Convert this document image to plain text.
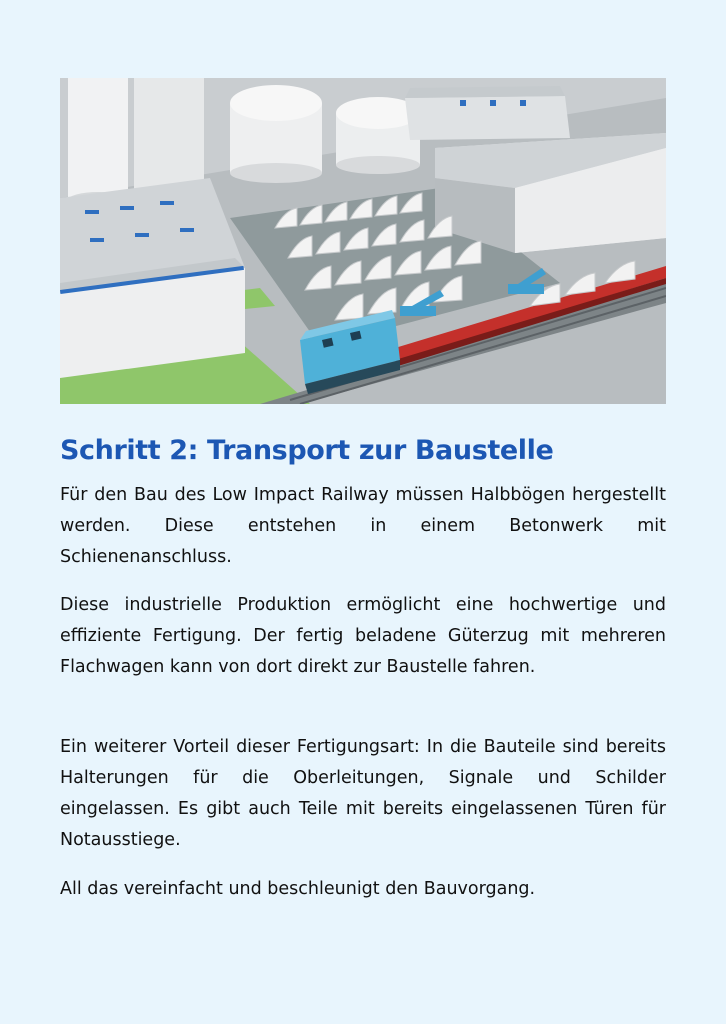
Schritt 2: Transport zur Baustelle

Für den Bau des Low Impact Railway müssen Halbbögen hergestellt werden. Diese entstehen in einem Betonwerk mit Schienenanschluss.

Diese industrielle Produktion ermöglicht eine hochwertige und effiziente Fertigung. Der fertig beladene Güterzug mit mehreren Flachwagen kann von dort direkt zur Baustelle fahren.

Ein weiterer Vorteil dieser Fertigungsart: In die Bauteile sind bereits Halterungen für die Oberleitungen, Signale und Schilder eingelassen. Es gibt auch Teile mit bereits eingelassenen Türen für Notausstiege.

All das vereinfacht und beschleunigt den Bauvorgang.
